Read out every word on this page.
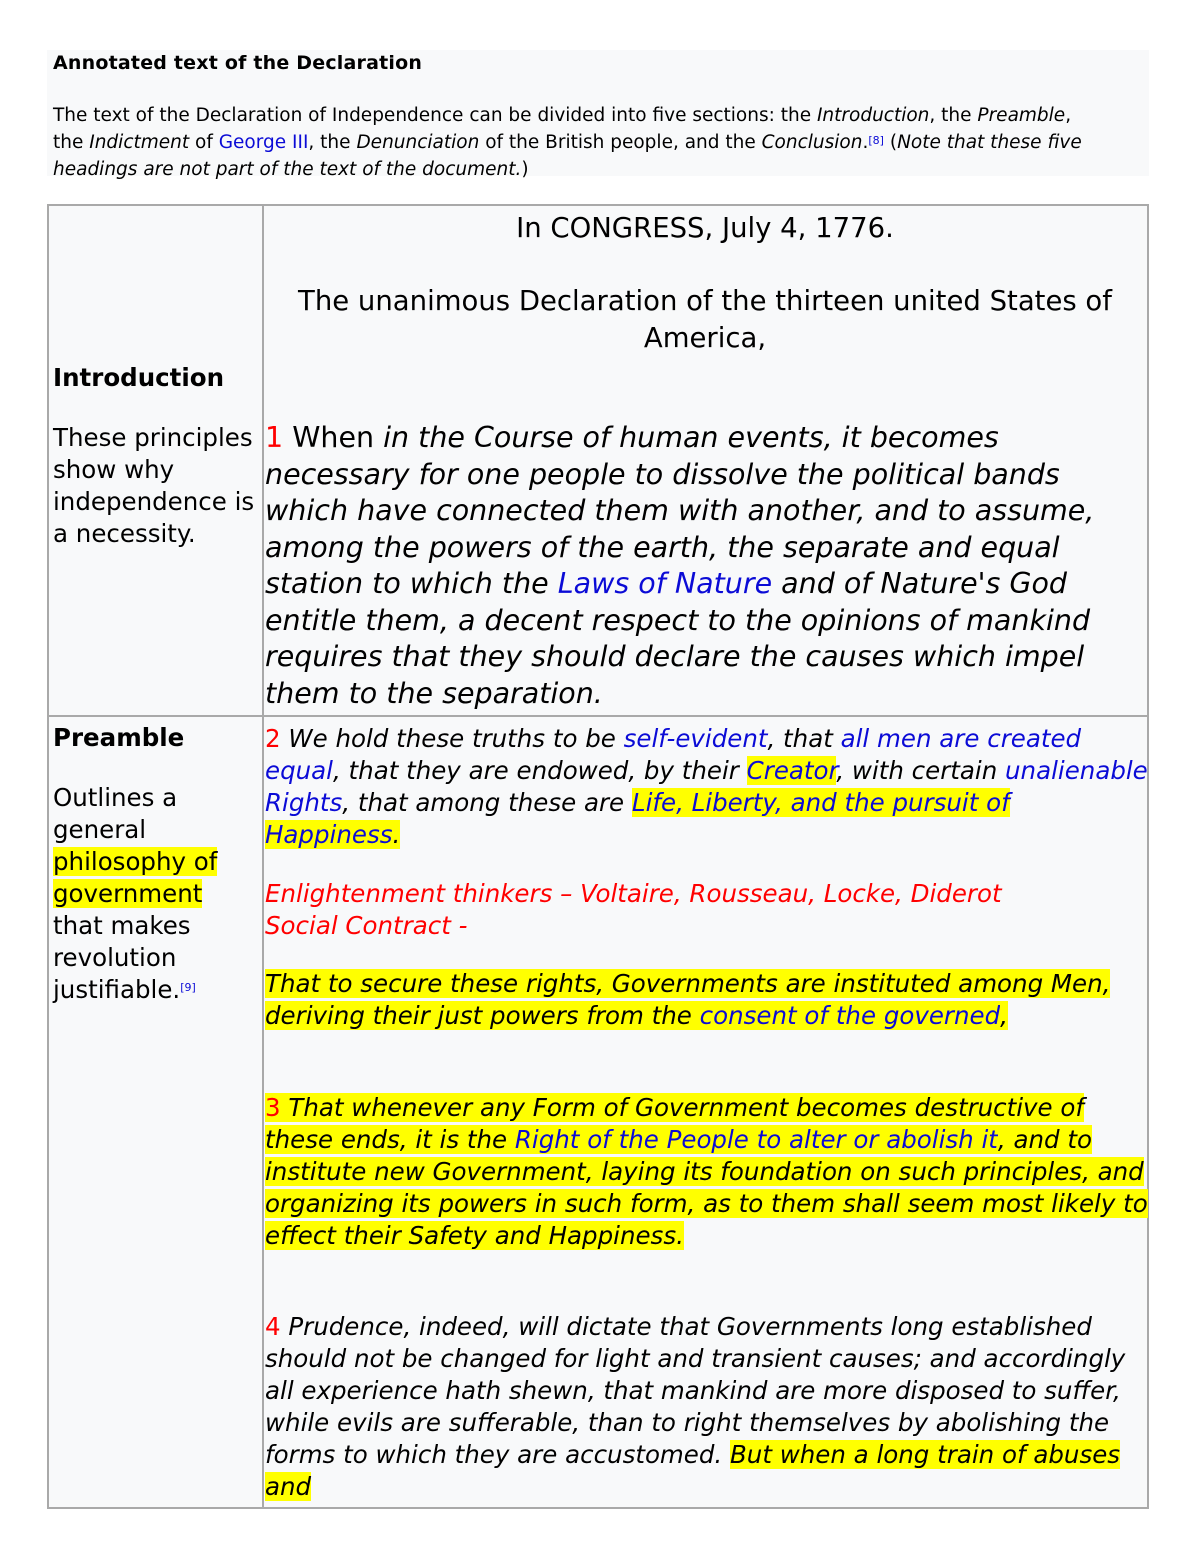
Annotated text of the Declaration
The text of the Declaration of Independence can be divided into five sections: the Introduction, the Preamble,
the Indictment of George III, the Denunciation of the British people, and the Conclusion.[8] (Note that these five
headings are not part of the text of the document.)
Introduction

These principles show why independence is a necessity.

Preamble

Outlines a general philosophy of government that makes revolution justifiable.[9]

In CONGRESS, July 4, 1776.
The unanimous Declaration of the thirteen united States of America,
1 When in the Course of human events, it becomes necessary for one people to dissolve the political bands which have connected them with another, and to assume, among the powers of the earth, the separate and equal station to which the Laws of Nature and of Nature's God entitle them, a decent respect to the opinions of mankind requires that they should declare the causes which impel them to the separation.
2 We hold these truths to be self-evident, that all men are created equal, that they are endowed, by their Creator, with certain unalienable Rights, that among these are Life, Liberty, and the pursuit of Happiness.

Enlightenment thinkers – Voltaire, Rousseau, Locke, Diderot

Social Contract -

That to secure these rights, Governments are instituted among Men, deriving their just powers from the consent of the governed,
3 That whenever any Form of Government becomes destructive of these ends, it is the Right of the People to alter or abolish it, and to institute new Government, laying its foundation on such principles, and organizing its powers in such form, as to them shall seem most likely to effect their Safety and Happiness.
4 Prudence, indeed, will dictate that Governments long established should not be changed for light and transient causes; and accordingly all experience hath shewn, that mankind are more disposed to suffer, while evils are sufferable, than to right themselves by abolishing the forms to which they are accustomed. But when a long train of abuses and
